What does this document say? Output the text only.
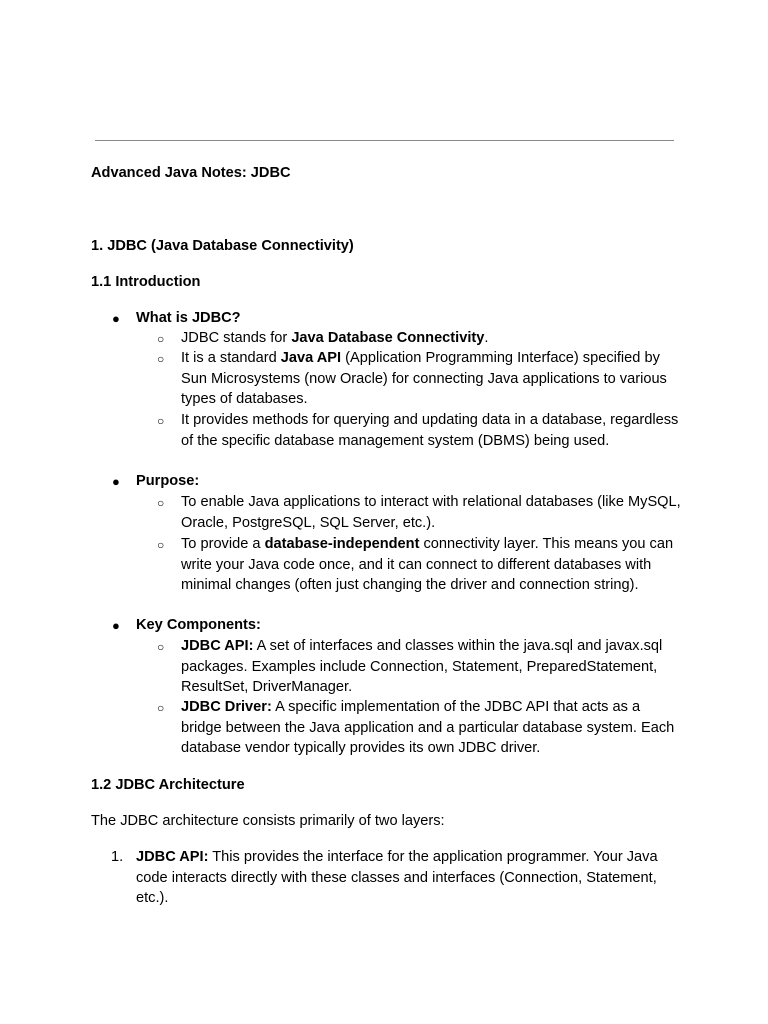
Advanced Java Notes: JDBC
1. JDBC (Java Database Connectivity)
1.1 Introduction
● What is JDBC?
○ JDBC stands for Java Database Connectivity.
○ It is a standard Java API (Application Programming Interface) specified by Sun Microsystems (now Oracle) for connecting Java applications to various types of databases.
○ It provides methods for querying and updating data in a database, regardless of the specific database management system (DBMS) being used.
● Purpose:
○ To enable Java applications to interact with relational databases (like MySQL, Oracle, PostgreSQL, SQL Server, etc.).
○ To provide a database-independent connectivity layer. This means you can write your Java code once, and it can connect to different databases with minimal changes (often just changing the driver and connection string).
● Key Components:
○ JDBC API: A set of interfaces and classes within the java.sql and javax.sql packages. Examples include Connection, Statement, PreparedStatement, ResultSet, DriverManager.
○ JDBC Driver: A specific implementation of the JDBC API that acts as a bridge between the Java application and a particular database system. Each database vendor typically provides its own JDBC driver.
1.2 JDBC Architecture
The JDBC architecture consists primarily of two layers:
1. JDBC API: This provides the interface for the application programmer. Your Java code interacts directly with these classes and interfaces (Connection, Statement, etc.).
